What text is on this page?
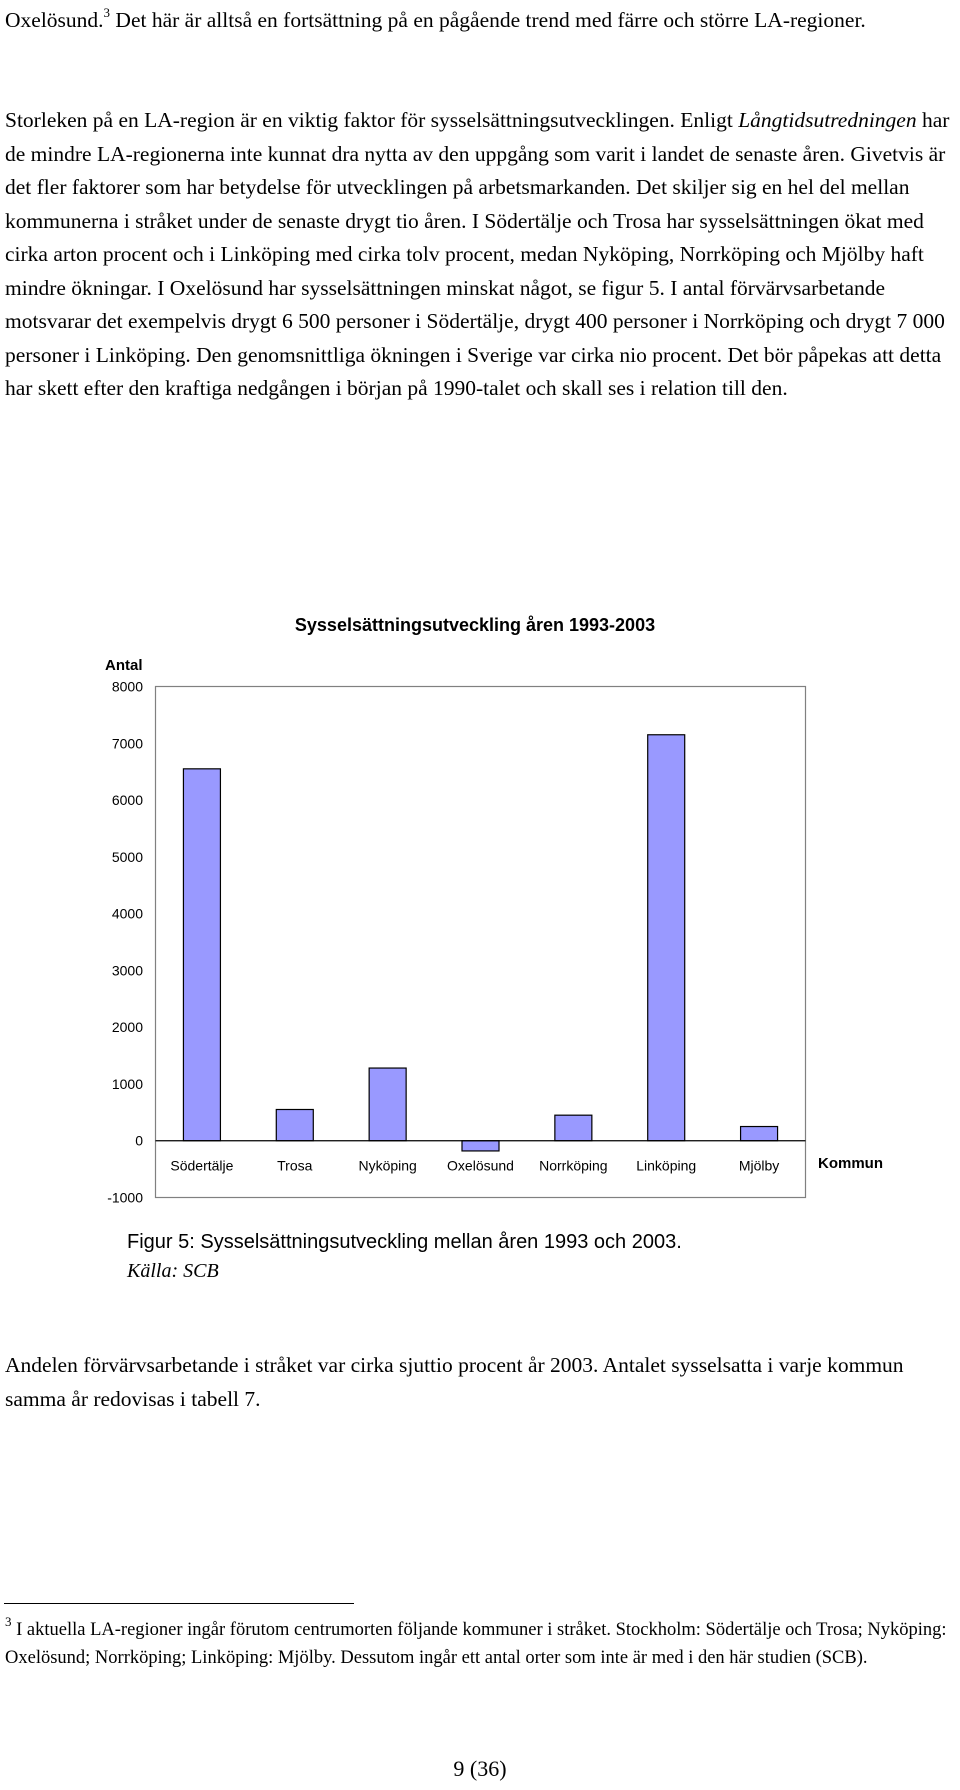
Oxelösund.$^3$ Det här är alltså en fortsättning på en pågående trend med färre och större LA-regioner.

Storleken på en LA-region är en viktig faktor för sysselsättningsutvecklingen. Enligt Långtidsutredningen har de mindre LA-regionerna inte kunnat dra nytta av den uppgång som varit i landet de senaste åren. Givetvis är det fler faktorer som har betydelse för utvecklingen på arbetsmarkanden. Det skiljer sig en hel del mellan kommunerna i stråket under de senaste drygt tio åren. I Södertälje och Trosa har sysselsättningen ökat med cirka arton procent och i Linköping med cirka tolv procent, medan Nyköping, Norrköping och Mjölby haft mindre ökningar. I Oxelösund har sysselsättningen minskat något, se figur 5. I antal förvärvsarbetande motsvarar det exempelvis drygt 6 500 personer i Södertälje, drygt 400 personer i Norrköping och drygt 7 000 personer i Linköping. Den genomsnittliga ökningen i Sverige var cirka nio procent. Det bör påpekas att detta har skett efter den kraftiga nedgången i början på 1990-talet och skall ses i relation till den.

Sysselsättningsutveckling åren 1993-2003
Antal
Kommun
-1000
0
1000
2000
3000
4000
5000
6000
7000
8000
Södertälje	Trosa	Nyköping Oxelösund Norrköping Linköping	Mjölby
Figur 5: Sysselsättningsutveckling mellan åren 1993 och 2003.
Källa: SCB

Andelen förvärvsarbetande i stråket var cirka sjuttio procent år 2003. Antalet sysselsatta i varje kommun samma år redovisas i tabell 7.

$^3$ I aktuella LA-regioner ingår förutom centrumorten följande kommuner i stråket. Stockholm: Södertälje och Trosa; Nyköping: Oxelösund; Norrköping; Linköping: Mjölby. Dessutom ingår ett antal orter som inte är med i den här studien (SCB).

9 (36)
